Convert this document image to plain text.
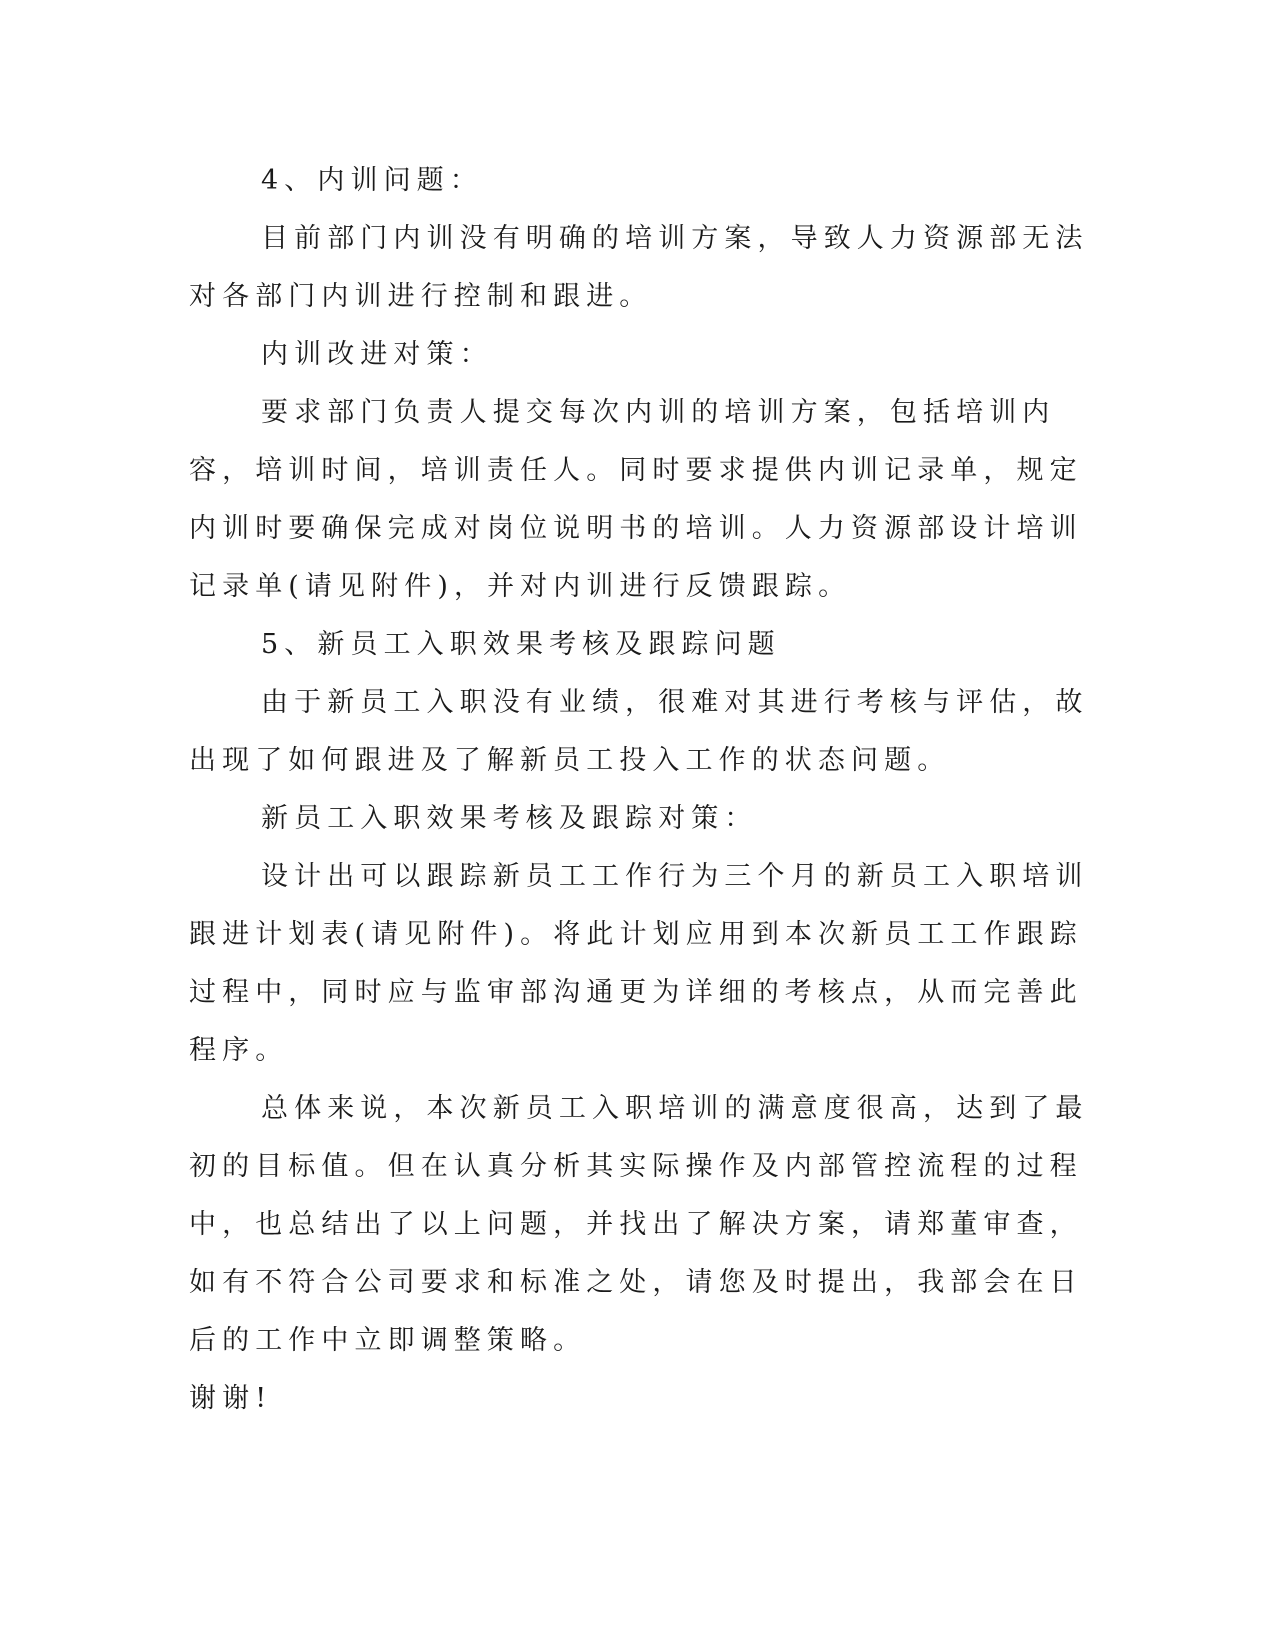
4、内训问题：

目前部门内训没有明确的培训方案，导致人力资源部无法对各部门内训进行控制和跟进。

内训改进对策：

要求部门负责人提交每次内训的培训方案，包括培训内容，培训时间，培训责任人。同时要求提供内训记录单，规定内训时要确保完成对岗位说明书的培训。人力资源部设计培训记录单(请见附件)，并对内训进行反馈跟踪。

5、新员工入职效果考核及跟踪问题

由于新员工入职没有业绩，很难对其进行考核与评估，故出现了如何跟进及了解新员工投入工作的状态问题。

新员工入职效果考核及跟踪对策：

设计出可以跟踪新员工工作行为三个月的新员工入职培训跟进计划表(请见附件)。将此计划应用到本次新员工工作跟踪过程中，同时应与监审部沟通更为详细的考核点，从而完善此程序。

总体来说，本次新员工入职培训的满意度很高，达到了最初的目标值。但在认真分析其实际操作及内部管控流程的过程中，也总结出了以上问题，并找出了解决方案，请郑董审查，如有不符合公司要求和标准之处，请您及时提出，我部会在日后的工作中立即调整策略。

谢谢!
